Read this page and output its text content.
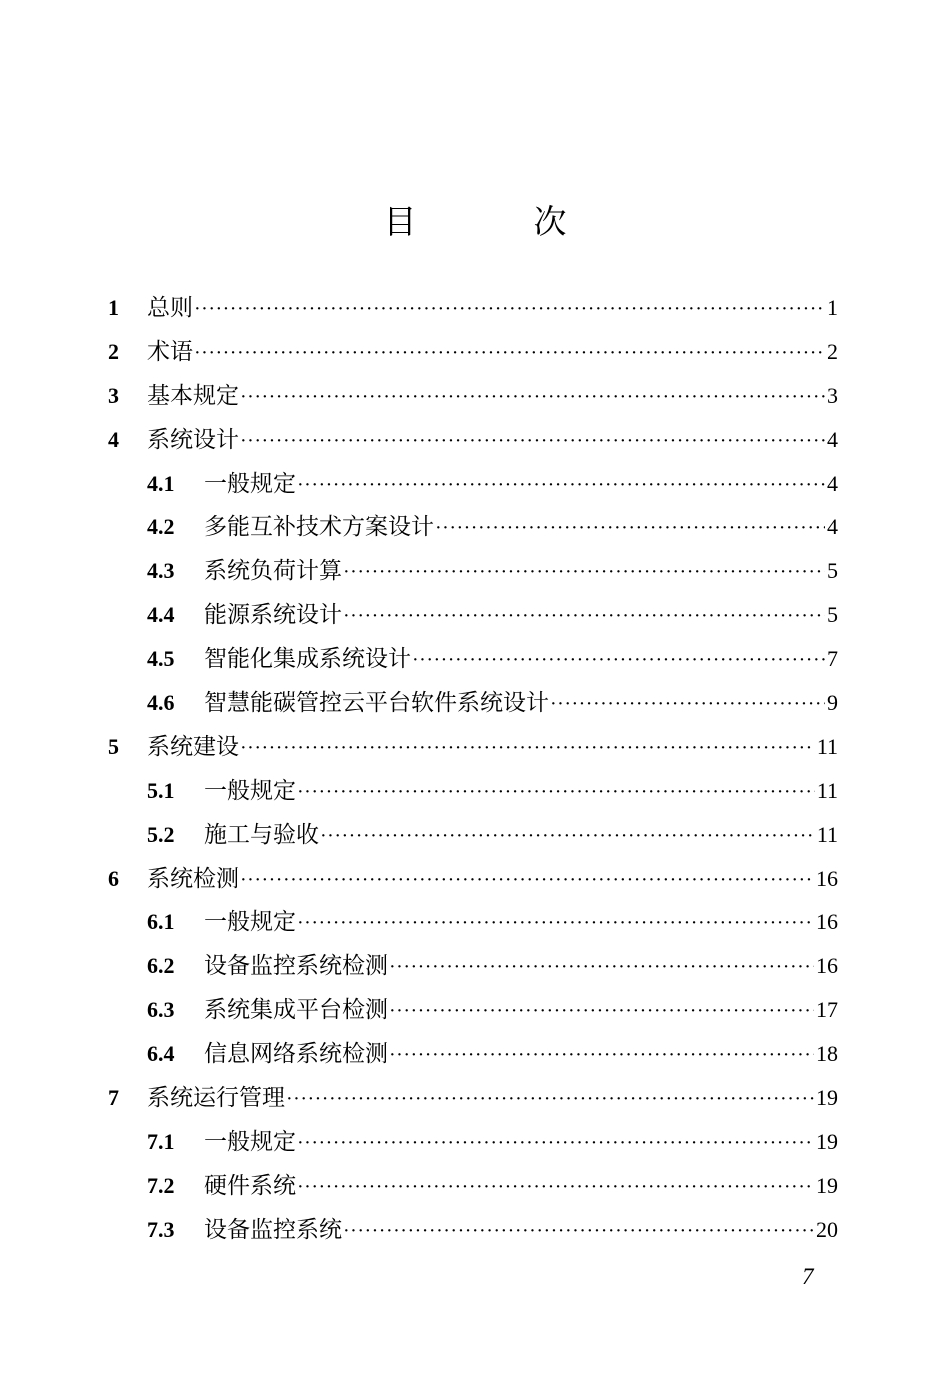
目　次
1	总则 ·····	1
2	术语 ·····	2
3	基本规定 ·····	3
4	系统设计 ·····	4
4.1	一般规定 ·····	4
4.2	多能互补技术方案设计 ·····	4
4.3	系统负荷计算 ·····	5
4.4	能源系统设计 ·····	5
4.5	智能化集成系统设计 ·····	7
4.6	智慧能碳管控云平台软件系统设计 ·····	9
5	系统建设 ·····	11
5.1	一般规定 ·····	11
5.2	施工与验收 ·····	11
6	系统检测 ·····	16
6.1	一般规定 ·····	16
6.2	设备监控系统检测 ·····	16
6.3	系统集成平台检测 ·····	17
6.4	信息网络系统检测 ·····	18
7	系统运行管理 ·····	19
7.1	一般规定 ·····	19
7.2	硬件系统 ·····	19
7.3	设备监控系统 ·····	20
7
